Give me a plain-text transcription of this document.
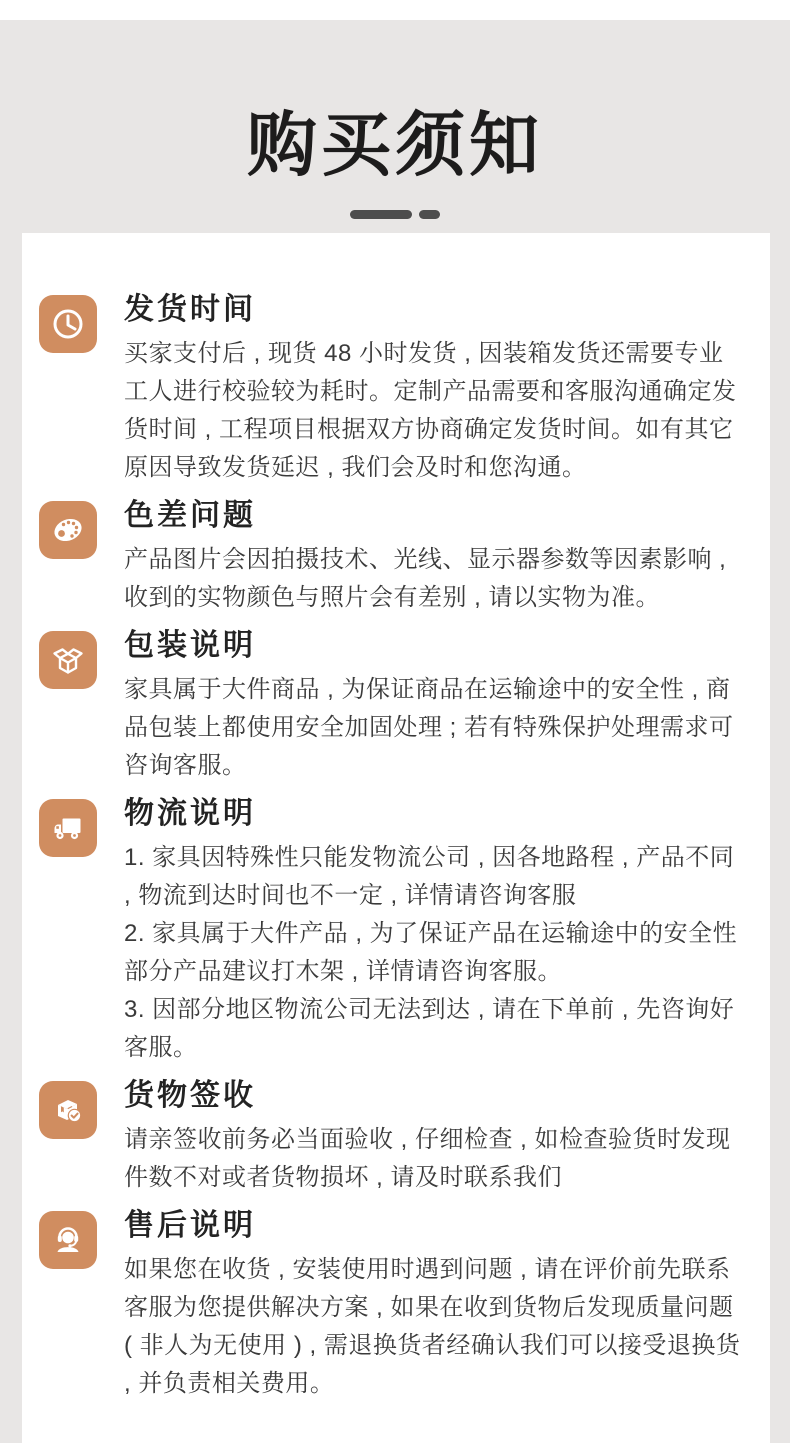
购买须知
发货时间

买家支付后 , 现货 48 小时发货 , 因装箱发货还需要专业工人进行校验较为耗时。定制产品需要和客服沟通确定发货时间 , 工程项目根据双方协商确定发货时间。如有其它原因导致发货延迟 , 我们会及时和您沟通。

色差问题

产品图片会因拍摄技术、光线、显示器参数等因素影响 , 收到的实物颜色与照片会有差别 , 请以实物为准。

包装说明

家具属于大件商品 , 为保证商品在运输途中的安全性 , 商品包装上都使用安全加固处理 ; 若有特殊保护处理需求可咨询客服。

物流说明

1. 家具因特殊性只能发物流公司 , 因各地路程 , 产品不同 , 物流到达时间也不一定 , 详情请咨询客服

2. 家具属于大件产品 , 为了保证产品在运输途中的安全性部分产品建议打木架 , 详情请咨询客服。

3. 因部分地区物流公司无法到达 , 请在下单前 , 先咨询好客服。

货物签收

请亲签收前务必当面验收 , 仔细检查 , 如检查验货时发现件数不对或者货物损坏 , 请及时联系我们

售后说明

如果您在收货 , 安装使用时遇到问题 , 请在评价前先联系客服为您提供解决方案 , 如果在收到货物后发现质量问题 ( 非人为无使用 ) , 需退换货者经确认我们可以接受退换货 , 并负责相关费用。
